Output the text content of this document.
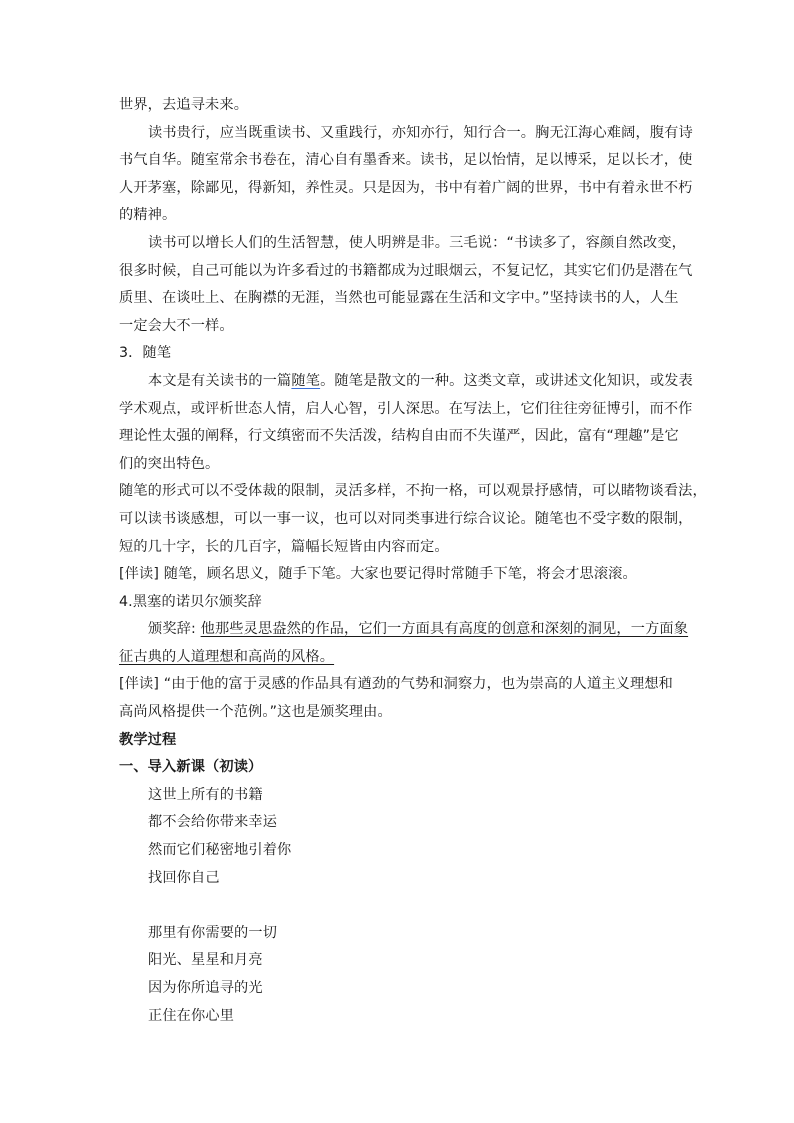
世界，去追寻未来。
读书贵行，应当既重读书、又重践行，亦知亦行，知行合一。胸无江海心难阔，腹有诗
书气自华。随室常余书卷在，清心自有墨香来。读书，足以怡情，足以博采，足以长才，使
人开茅塞，除鄙见，得新知，养性灵。只是因为，书中有着广阔的世界，书中有着永世不朽
的精神。
读书可以增长人们的生活智慧，使人明辨是非。三毛说：“书读多了，容颜自然改变，
很多时候，自己可能以为许多看过的书籍都成为过眼烟云，不复记忆，其实它们仍是潜在气
质里、在谈吐上、在胸襟的无涯，当然也可能显露在生活和文字中。”坚持读书的人，人生
一定会大不一样。
3．随笔
本文是有关读书的一篇随笔。随笔是散文的一种。这类文章，或讲述文化知识，或发表
学术观点，或评析世态人情，启人心智，引人深思。在写法上，它们往往旁征博引，而不作
理论性太强的阐释，行文缜密而不失活泼，结构自由而不失谨严，因此，富有“理趣”是它
们的突出特色。
随笔的形式可以不受体裁的限制，灵活多样，不拘一格，可以观景抒感情，可以睹物谈看法，
可以读书谈感想，可以一事一议，也可以对同类事进行综合议论。随笔也不受字数的限制，
短的几十字，长的几百字，篇幅长短皆由内容而定。
[伴读] 随笔，顾名思义，随手下笔。大家也要记得时常随手下笔，将会才思滚滚。
4.黑塞的诺贝尔颁奖辞
颁奖辞: 他那些灵思盎然的作品，它们一方面具有高度的创意和深刻的洞见，一方面象
征古典的人道理想和高尚的风格。
[伴读] “由于他的富于灵感的作品具有遒劲的气势和洞察力，也为崇高的人道主义理想和
高尚风格提供一个范例。”这也是颁奖理由。
教学过程
一、导入新课（初读）
这世上所有的书籍
都不会给你带来幸运
然而它们秘密地引着你
找回你自己
那里有你需要的一切
阳光、星星和月亮
因为你所追寻的光
正住在你心里
